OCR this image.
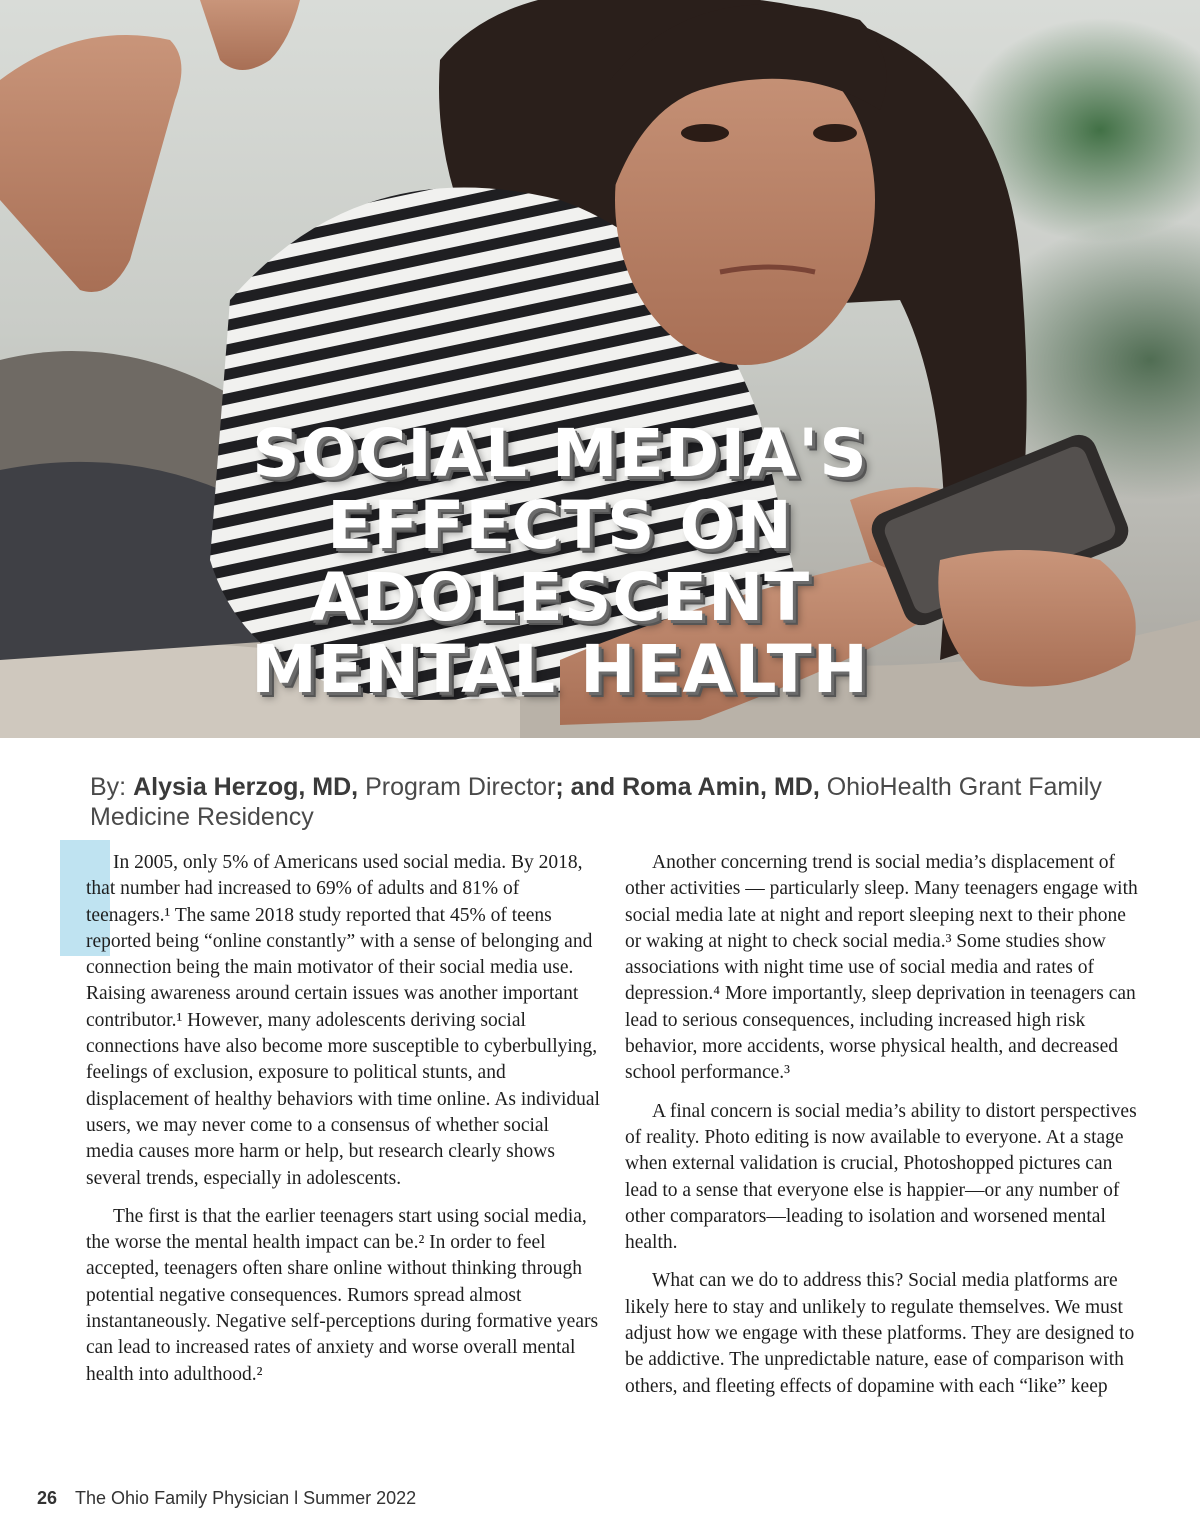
SOCIAL MEDIA'S
EFFECTS ON
ADOLESCENT
MENTAL HEALTH

By: Alysia Herzog, MD, Program Director; and Roma Amin, MD, OhioHealth Grant Family Medicine Residency

In 2005, only 5% of Americans used social media. By 2018, that number had increased to 69% of adults and 81% of teenagers.¹ The same 2018 study reported that 45% of teens reported being “online constantly” with a sense of belonging and connection being the main motivator of their social media use. Raising awareness around certain issues was another important contributor.¹ However, many adolescents deriving social connections have also become more susceptible to cyberbullying, feelings of exclusion, exposure to political stunts, and displacement of healthy behaviors with time online. As individual users, we may never come to a consensus of whether social media causes more harm or help, but research clearly shows several trends, especially in adolescents.

The first is that the earlier teenagers start using social media, the worse the mental health impact can be.² In order to feel accepted, teenagers often share online without thinking through potential negative consequences. Rumors spread almost instantaneously. Negative self-perceptions during formative years can lead to increased rates of anxiety and worse overall mental health into adulthood.²

Another concerning trend is social media’s displacement of other activities — particularly sleep. Many teenagers engage with social media late at night and report sleeping next to their phone or waking at night to check social media.³ Some studies show associations with night time use of social media and rates of depression.⁴ More importantly, sleep deprivation in teenagers can lead to serious consequences, including increased high risk behavior, more accidents, worse physical health, and decreased school performance.³

A final concern is social media’s ability to distort perspectives of reality. Photo editing is now available to everyone. At a stage when external validation is crucial, Photoshopped pictures can lead to a sense that everyone else is happier—or any number of other comparators—leading to isolation and worsened mental health.

What can we do to address this? Social media platforms are likely here to stay and unlikely to regulate themselves. We must adjust how we engage with these platforms. They are designed to be addictive. The unpredictable nature, ease of comparison with others, and fleeting effects of dopamine with each “like” keep

26 The Ohio Family Physician l Summer 2022
